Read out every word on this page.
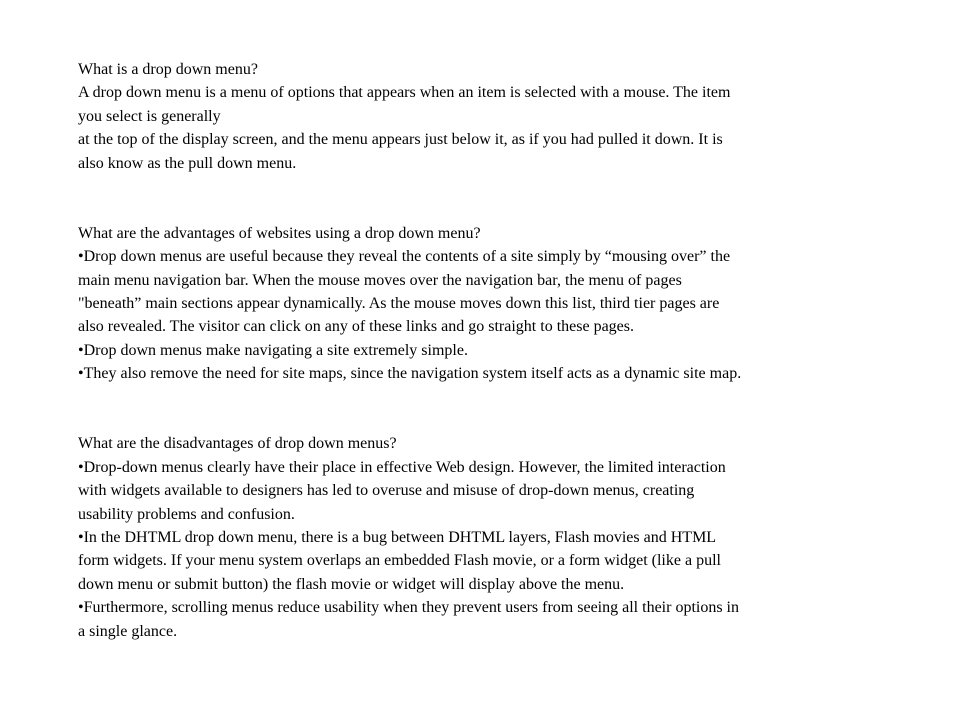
What is a drop down menu?
A drop down menu is a menu of options that appears when an item is selected with a mouse. The item
you select is generally
at the top of the display screen, and the menu appears just below it, as if you had pulled it down. It is
also know as the pull down menu.
What are the advantages of websites using a drop down menu?
•Drop down menus are useful because they reveal the contents of a site simply by “mousing over” the
main menu navigation bar. When the mouse moves over the navigation bar, the menu of pages
"beneath” main sections appear dynamically. As the mouse moves down this list, third tier pages are
also revealed. The visitor can click on any of these links and go straight to these pages.
•Drop down menus make navigating a site extremely simple.
•They also remove the need for site maps, since the navigation system itself acts as a dynamic site map.
What are the disadvantages of drop down menus?
•Drop-down menus clearly have their place in effective Web design. However, the limited interaction
with widgets available to designers has led to overuse and misuse of drop-down menus, creating
usability problems and confusion.
•In the DHTML drop down menu, there is a bug between DHTML layers, Flash movies and HTML
form widgets. If your menu system overlaps an embedded Flash movie, or a form widget (like a pull
down menu or submit button) the flash movie or widget will display above the menu.
•Furthermore, scrolling menus reduce usability when they prevent users from seeing all their options in
a single glance.
